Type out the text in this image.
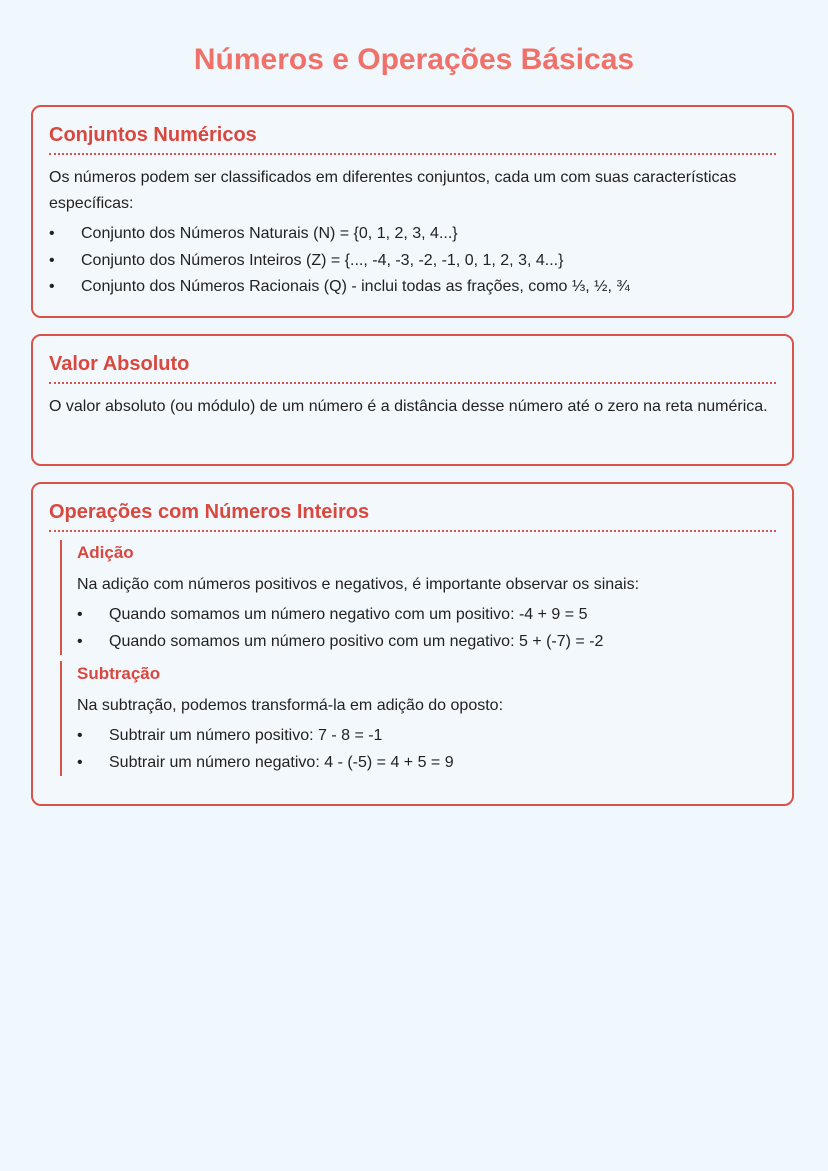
Números e Operações Básicas
Conjuntos Numéricos

Os números podem ser classificados em diferentes conjuntos, cada um com suas características específicas:

• Conjunto dos Números Naturais (N) = {0, 1, 2, 3, 4...}
• Conjunto dos Números Inteiros (Z) = {..., -4, -3, -2, -1, 0, 1, 2, 3, 4...}
• Conjunto dos Números Racionais (Q) - inclui todas as frações, como ⅓, ½, ¾
Valor Absoluto

O valor absoluto (ou módulo) de um número é a distância desse número até o zero na reta numérica.

Operações com Números Inteiros
Adição

Na adição com números positivos e negativos, é importante observar os sinais:

• Quando somamos um número negativo com um positivo: -4 + 9 = 5
• Quando somamos um número positivo com um negativo: 5 + (-7) = -2
Subtração

Na subtração, podemos transformá-la em adição do oposto:

• Subtrair um número positivo: 7 - 8 = -1
• Subtrair um número negativo: 4 - (-5) = 4 + 5 = 9
